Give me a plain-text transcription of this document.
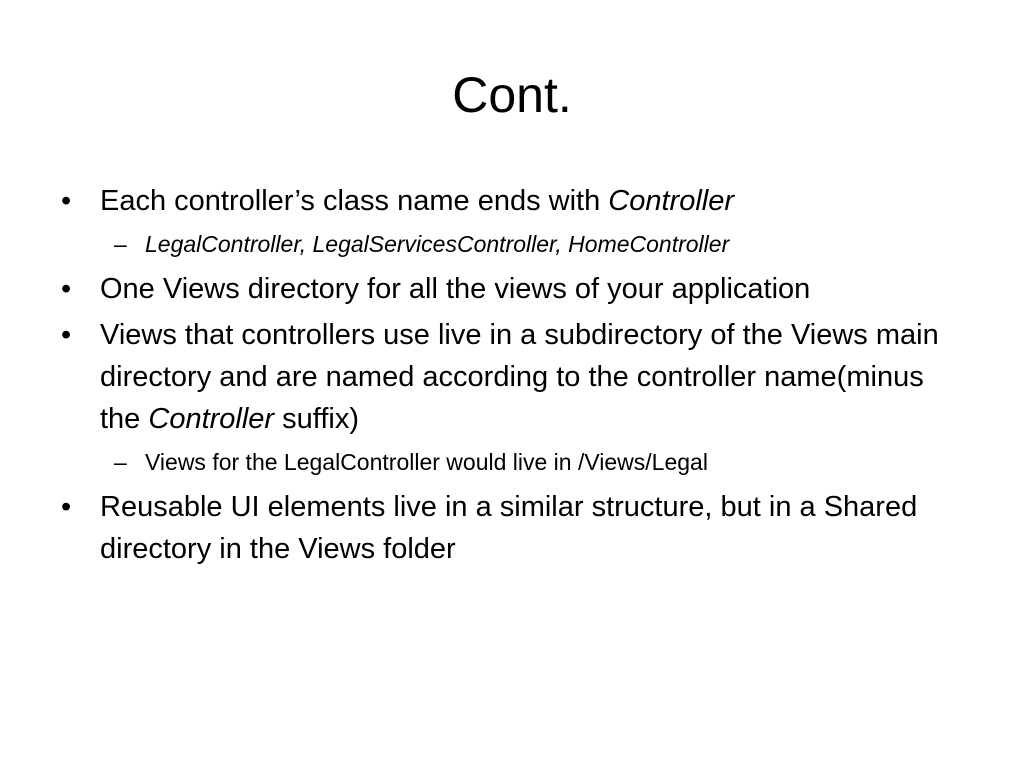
Cont.
• Each controller’s class name ends with Controller
– LegalController, LegalServicesController, HomeController
• One Views directory for all the views of your application
• Views that controllers use live in a subdirectory of the Views main directory and are named according to the controller name(minus the Controller suffix)
– Views for the LegalController would live in /Views/Legal
• Reusable UI elements live in a similar structure, but in a Shared directory in the Views folder
